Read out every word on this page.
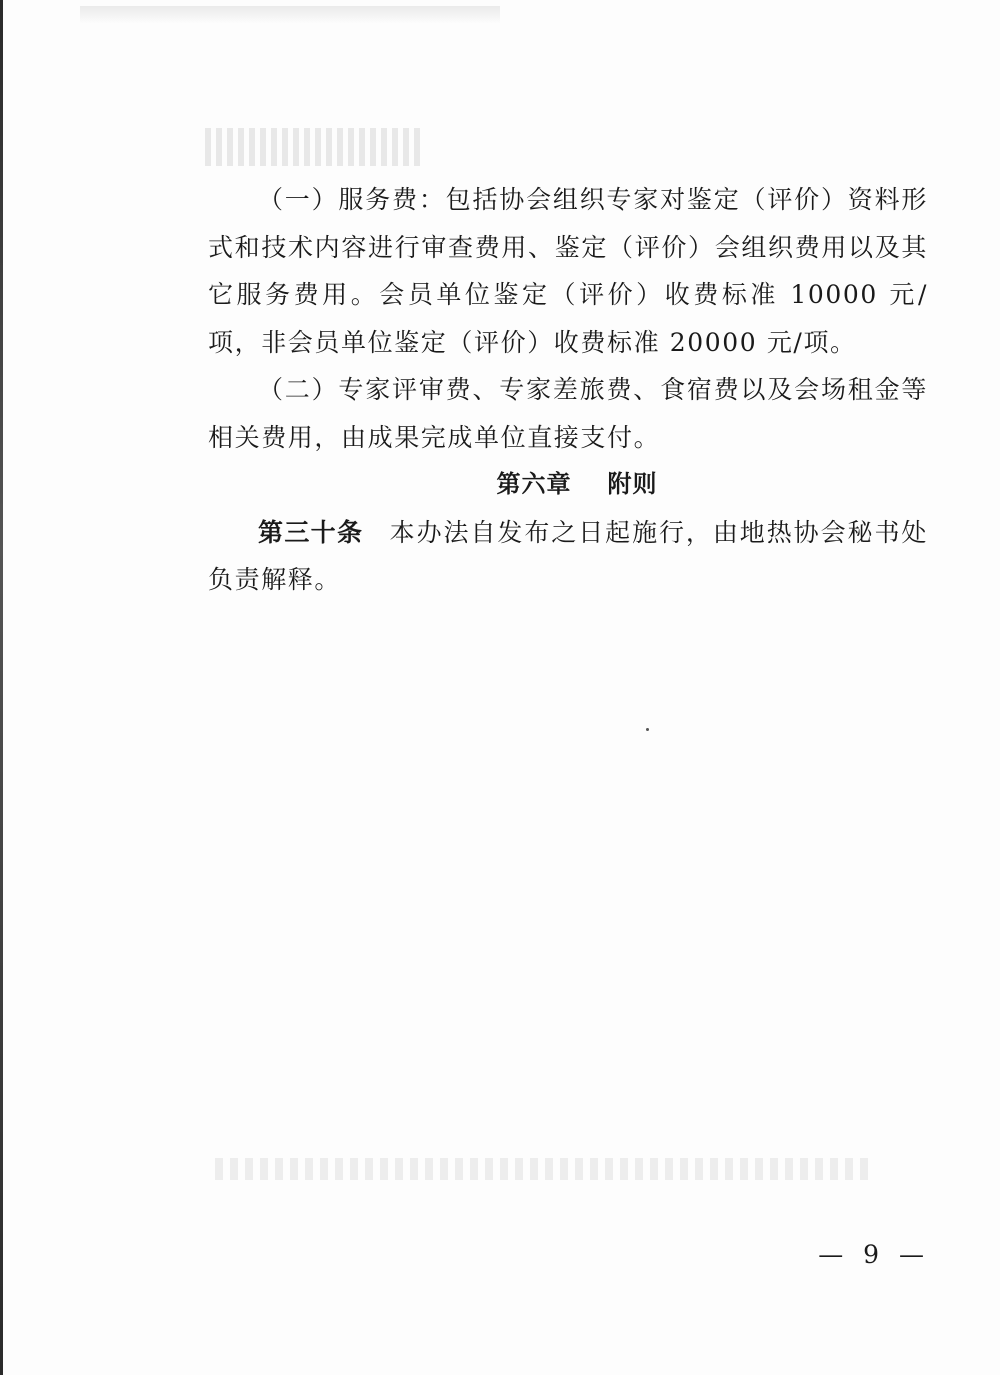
（一）服务费：包括协会组织专家对鉴定（评价）资料形式和技术内容进行审查费用、鉴定（评价）会组织费用以及其它服务费用。会员单位鉴定（评价）收费标准 10000 元/项，非会员单位鉴定（评价）收费标准 20000 元/项。

（二）专家评审费、专家差旅费、食宿费以及会场租金等相关费用，由成果完成单位直接支付。

第六章 附则

第三十条 本办法自发布之日起施行，由地热协会秘书处负责解释。

— 9 —
